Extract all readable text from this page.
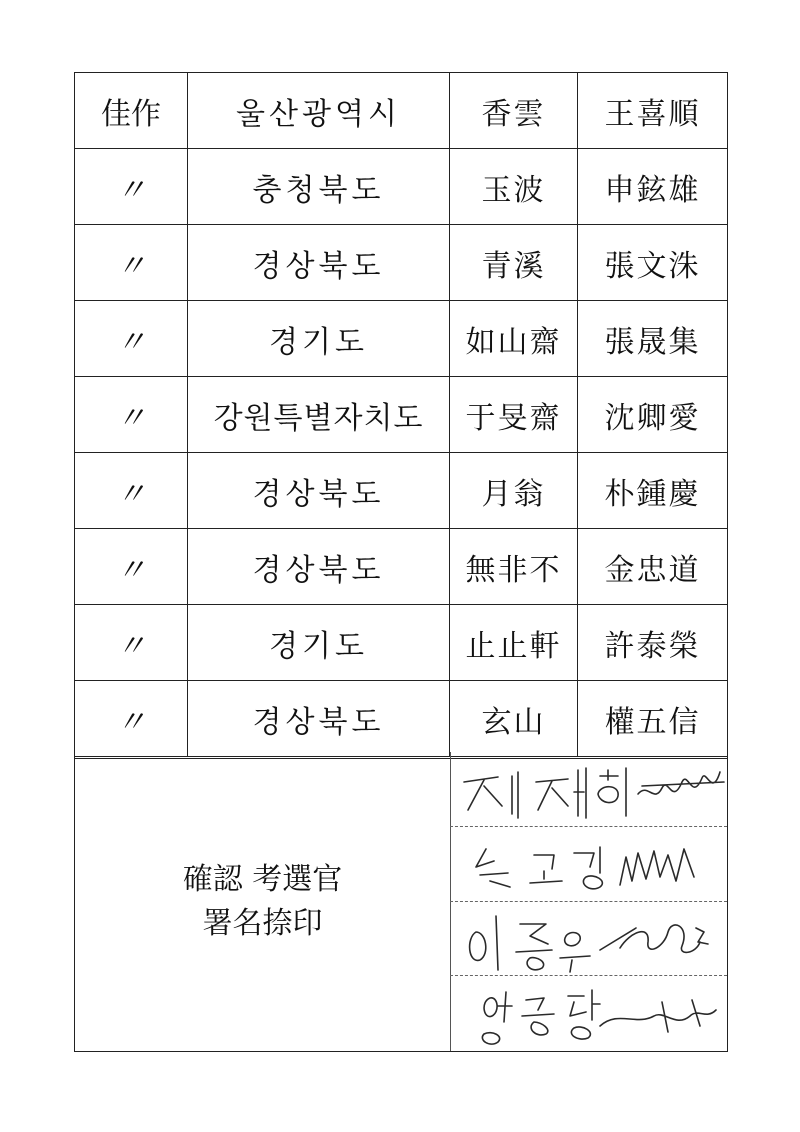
佳作	울산광역시	香雲	王喜順
〃	충청북도	玉波	申鉉雄
〃	경상북도	青溪	張文洙
〃	경기도	如山齋	張晟集
〃	강원특별자치도	于旻齋	沈卿愛
〃	경상북도	月翁	朴鍾慶
〃	경상북도	無非不	金忠道
〃	경기도	止止軒	許泰榮
〃	경상북도	玄山	權五信
確認 考選官
署名捺印
